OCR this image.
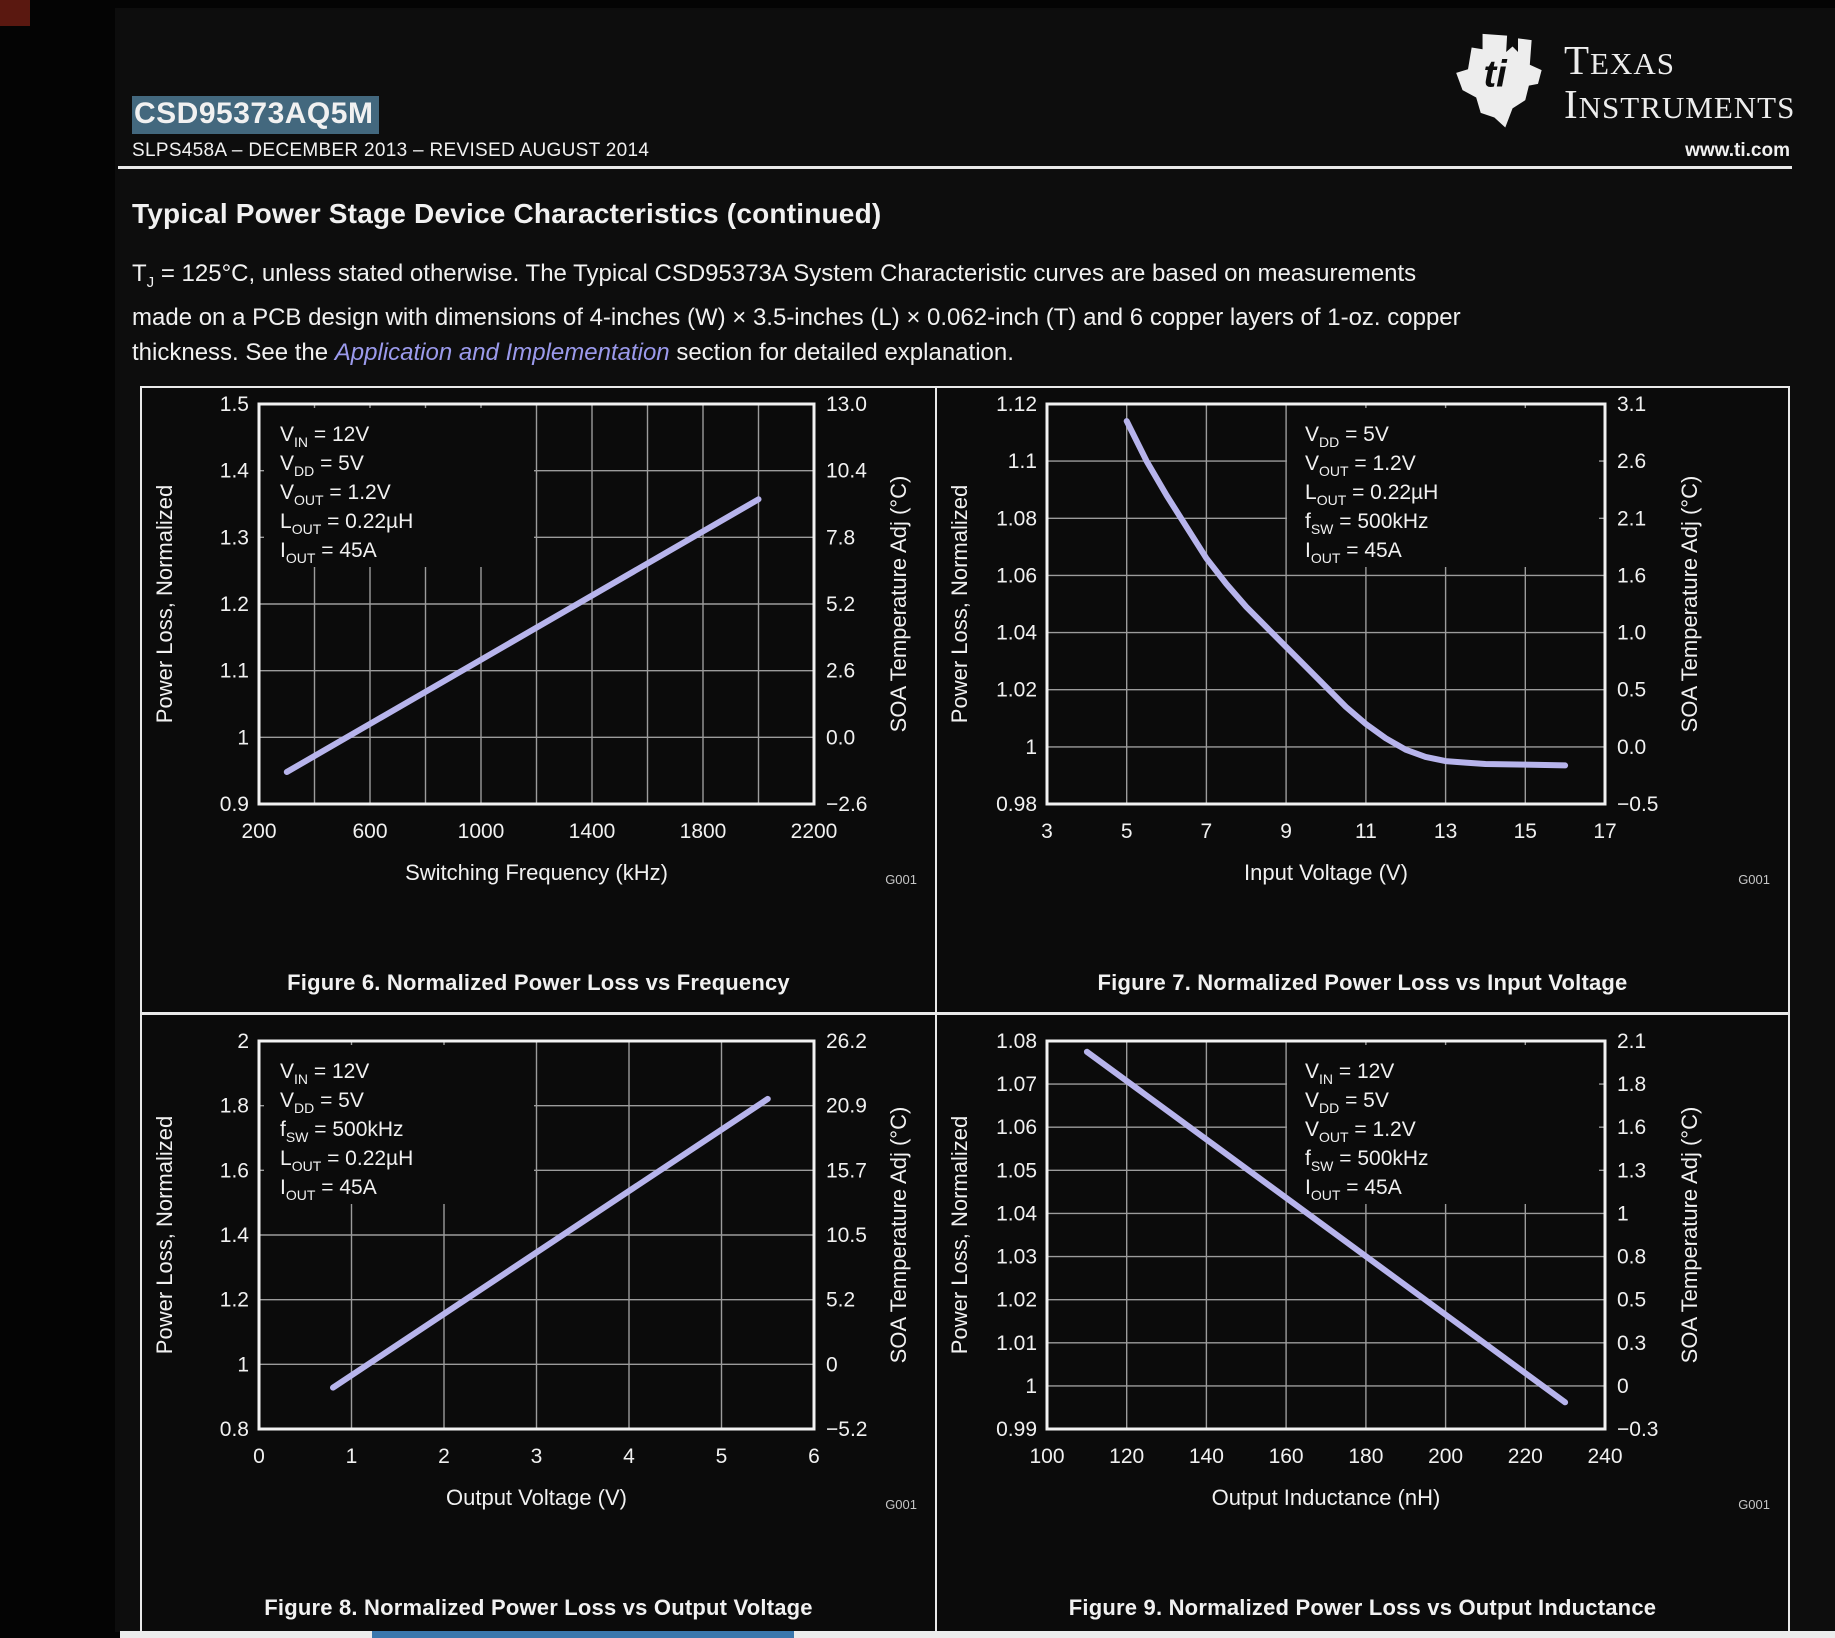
ti TEXAS
INSTRUMENTS
CSD95373AQ5M
SLPS458A – DECEMBER 2013 – REVISED AUGUST 2014	www.ti.com
Typical Power Stage Device Characteristics (continued)
$T_J = 125^\circ C$, unless stated otherwise. The Typical CSD95373A System Characteristic curves are based on measurements
made on a PCB design with dimensions of 4-inches (W) × 3.5-inches (L) × 0.062-inch (T) and 6 copper layers of 1-oz. copper
thickness. See the Application and Implementation section for detailed explanation.
$V_{IN} = 12V$
$V_{DD} = 5V$
$V_{OUT} = 1.2V$
$L_{OUT} = 0.22\mu H$
$I_{OUT} = 45A$
0.9
1
1.1
1.2
1.3
1.4
1.5
−2.6
0.0
2.6
5.2
7.8
10.4
13.0
200	600	1000	1400	1800	2200
Switching Frequency (kHz)
Power Loss, Normalized	SOA Temperature Adj (°C)
G001
Figure 6. Normalized Power Loss vs Frequency
$V_{DD} = 5V$
$V_{OUT} = 1.2V$
$L_{OUT} = 0.22\mu H$
$f_{SW} = 500kHz$
$I_{OUT} = 45A$
0.98
1
1.02
1.04
1.06
1.08
1.1
1.12
−0.5
0.0
0.5
1.0
1.6
2.1
2.6
3.1
3	5	7	9	11	13	15	17
Input Voltage (V)
Power Loss, Normalized	SOA Temperature Adj (°C)
G001
Figure 7. Normalized Power Loss vs Input Voltage
$V_{IN} = 12V$
$V_{DD} = 5V$
$f_{SW} = 500kHz$
$L_{OUT} = 0.22\mu H$
$I_{OUT} = 45A$
0.8
1
1.2
1.4
1.6
1.8
2
−5.2
0
5.2
10.5
15.7
20.9
26.2
0	1	2	3	4	5	6
Output Voltage (V)
Power Loss, Normalized	SOA Temperature Adj (°C)
G001
Figure 8. Normalized Power Loss vs Output Voltage
$V_{IN} = 12V$
$V_{DD} = 5V$
$V_{OUT} = 1.2V$
$f_{SW} = 500kHz$
$I_{OUT} = 45A$
0.99
1
1.01
1.02
1.03
1.04
1.05
1.06
1.07
1.08
−0.3
0
0.3
0.5
0.8
1
1.3
1.6
1.8
2.1
100 120 140 160 180 200 220 240
Output Inductance (nH)
Power Loss, Normalized	SOA Temperature Adj (°C)
G001
Figure 9. Normalized Power Loss vs Output Inductance
